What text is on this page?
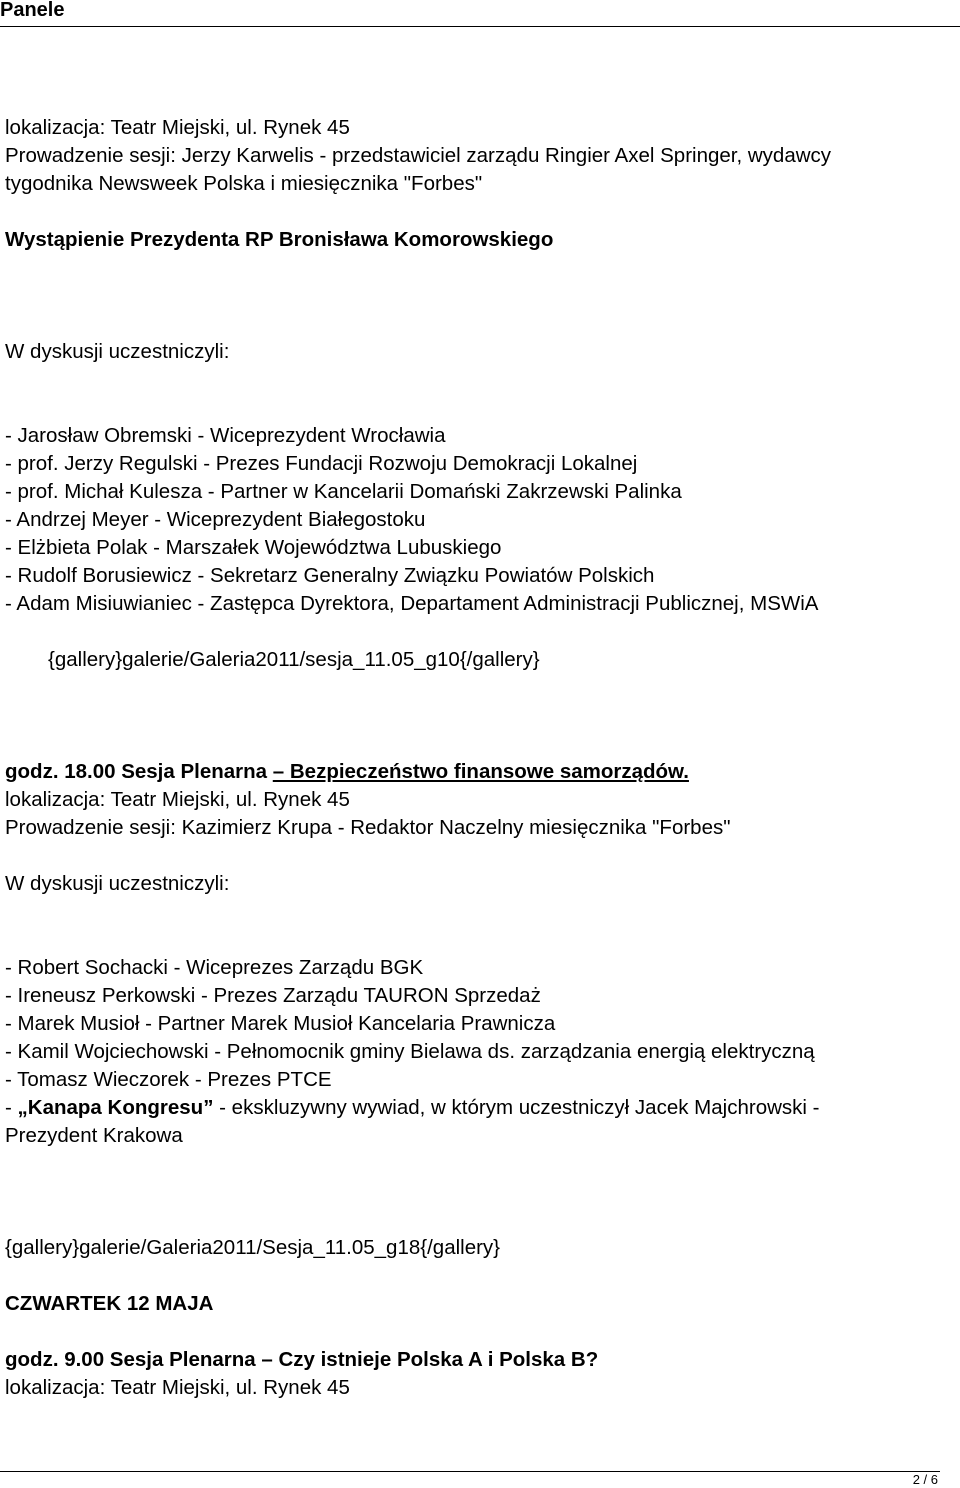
Panele
lokalizacja: Teatr Miejski, ul. Rynek 45
Prowadzenie sesji: Jerzy Karwelis - przedstawiciel zarządu Ringier Axel Springer, wydawcy
tygodnika Newsweek Polska i miesięcznika "Forbes"
Wystąpienie Prezydenta RP Bronisława Komorowskiego
W dyskusji uczestniczyli:
- Jarosław Obremski - Wiceprezydent Wrocławia
- prof. Jerzy Regulski - Prezes Fundacji Rozwoju Demokracji Lokalnej
- prof. Michał Kulesza - Partner w Kancelarii Domański Zakrzewski Palinka
- Andrzej Meyer - Wiceprezydent Białegostoku
- Elżbieta Polak - Marszałek Województwa Lubuskiego
- Rudolf Borusiewicz - Sekretarz Generalny Związku Powiatów Polskich
- Adam Misiuwianiec - Zastępca Dyrektora, Departament Administracji Publicznej, MSWiA
{gallery}galerie/Galeria2011/sesja_11.05_g10{/gallery}
godz. 18.00 Sesja Plenarna – Bezpieczeństwo finansowe samorządów.
lokalizacja: Teatr Miejski, ul. Rynek 45
Prowadzenie sesji: Kazimierz Krupa - Redaktor Naczelny miesięcznika "Forbes"
W dyskusji uczestniczyli:
- Robert Sochacki - Wiceprezes Zarządu BGK
- Ireneusz Perkowski - Prezes Zarządu TAURON Sprzedaż
- Marek Musioł - Partner Marek Musioł Kancelaria Prawnicza
- Kamil Wojciechowski - Pełnomocnik gminy Bielawa ds. zarządzania energią elektryczną
- Tomasz Wieczorek - Prezes PTCE
- „Kanapa Kongresu” - ekskluzywny wywiad, w którym uczestniczył Jacek Majchrowski -
Prezydent Krakowa
{gallery}galerie/Galeria2011/Sesja_11.05_g18{/gallery}
CZWARTEK 12 MAJA
godz. 9.00 Sesja Plenarna – Czy istnieje Polska A i Polska B?
lokalizacja: Teatr Miejski, ul. Rynek 45
2 / 6
